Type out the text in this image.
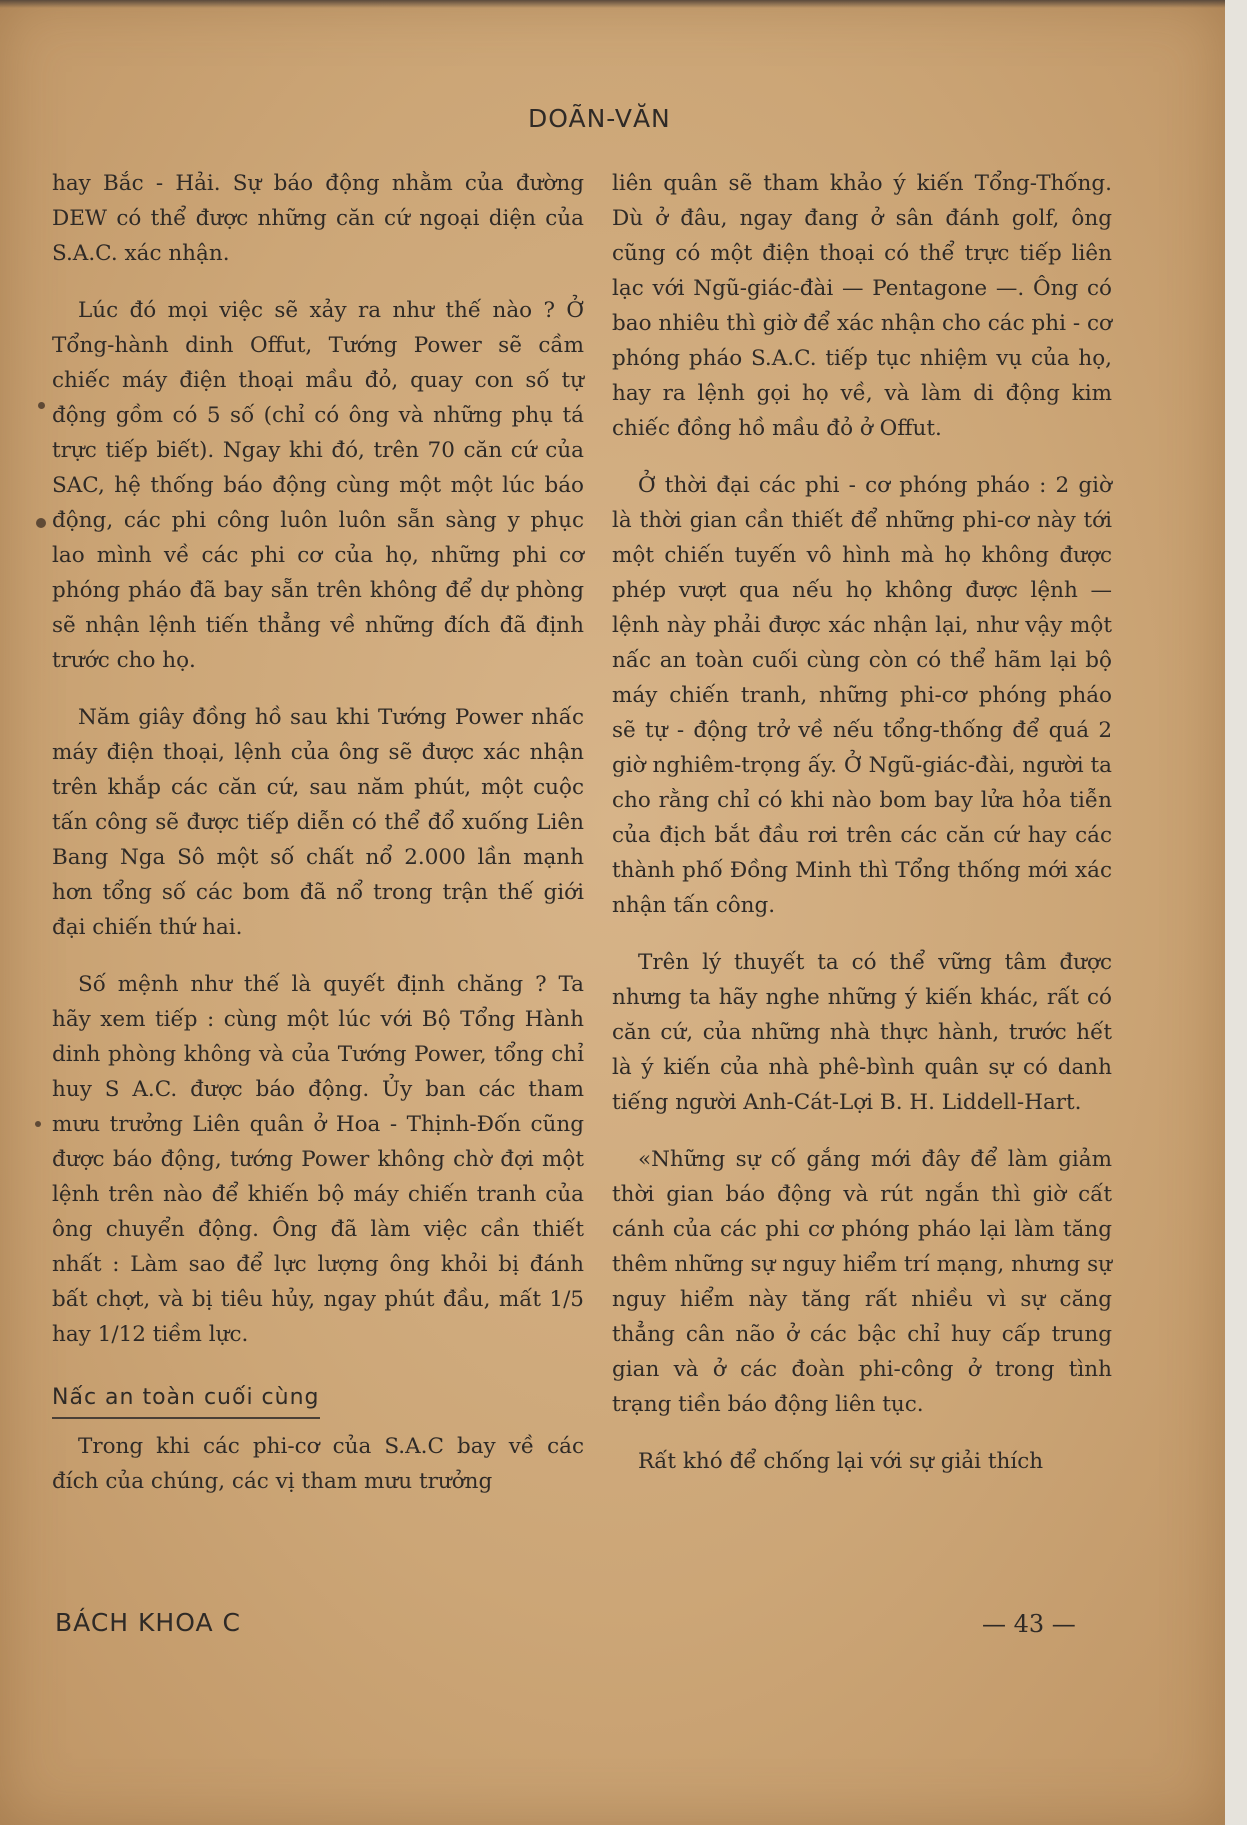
DOÃN-VĂN

hay Bắc - Hải. Sự báo động nhằm của đường DEW có thể được những căn cứ ngoại diện của S.A.C. xác nhận.

Lúc đó mọi việc sẽ xảy ra như thế nào ? Ở Tổng-hành dinh Offut, Tướng Power sẽ cầm chiếc máy điện thoại mầu đỏ, quay con số tự động gồm có 5 số (chỉ có ông và những phụ tá trực tiếp biết). Ngay khi đó, trên 70 căn cứ của SAC, hệ thống báo động cùng một một lúc báo động, các phi công luôn luôn sẵn sàng y phục lao mình về các phi cơ của họ, những phi cơ phóng pháo đã bay sẵn trên không để dự phòng sẽ nhận lệnh tiến thẳng về những đích đã định trước cho họ.

Năm giây đồng hồ sau khi Tướng Power nhấc máy điện thoại, lệnh của ông sẽ được xác nhận trên khắp các căn cứ, sau năm phút, một cuộc tấn công sẽ được tiếp diễn có thể đổ xuống Liên Bang Nga Sô một số chất nổ 2.000 lần mạnh hơn tổng số các bom đã nổ trong trận thế giới đại chiến thứ hai.

Số mệnh như thế là quyết định chăng ? Ta hãy xem tiếp : cùng một lúc với Bộ Tổng Hành dinh phòng không và của Tướng Power, tổng chỉ huy S A.C. được báo động. Ủy ban các tham mưu trưởng Liên quân ở Hoa - Thịnh-Đốn cũng được báo động, tướng Power không chờ đợi một lệnh trên nào để khiến bộ máy chiến tranh của ông chuyển động. Ông đã làm việc cần thiết nhất : Làm sao để lực lượng ông khỏi bị đánh bất chợt, và bị tiêu hủy, ngay phút đầu, mất 1/5 hay 1/12 tiềm lực.

Nấc an toàn cuối cùng

Trong khi các phi-cơ của S.A.C bay về các đích của chúng, các vị tham mưu trưởng

liên quân sẽ tham khảo ý kiến Tổng-Thống. Dù ở đâu, ngay đang ở sân đánh golf, ông cũng có một điện thoại có thể trực tiếp liên lạc với Ngũ-giác-đài — Pentagone —. Ông có bao nhiêu thì giờ để xác nhận cho các phi - cơ phóng pháo S.A.C. tiếp tục nhiệm vụ của họ, hay ra lệnh gọi họ về, và làm di động kim chiếc đồng hồ mầu đỏ ở Offut.

Ở thời đại các phi - cơ phóng pháo : 2 giờ là thời gian cần thiết để những phi-cơ này tới một chiến tuyến vô hình mà họ không được phép vượt qua nếu họ không được lệnh — lệnh này phải được xác nhận lại, như vậy một nấc an toàn cuối cùng còn có thể hãm lại bộ máy chiến tranh, những phi-cơ phóng pháo sẽ tự - động trở về nếu tổng-thống để quá 2 giờ nghiêm-trọng ấy. Ở Ngũ-giác-đài, người ta cho rằng chỉ có khi nào bom bay lửa hỏa tiễn của địch bắt đầu rơi trên các căn cứ hay các thành phố Đồng Minh thì Tổng thống mới xác nhận tấn công.

Trên lý thuyết ta có thể vững tâm được nhưng ta hãy nghe những ý kiến khác, rất có căn cứ, của những nhà thực hành, trước hết là ý kiến của nhà phê-bình quân sự có danh tiếng người Anh-Cát-Lợi B. H. Liddell-Hart.

«Những sự cố gắng mới đây để làm giảm thời gian báo động và rút ngắn thì giờ cất cánh của các phi cơ phóng pháo lại làm tăng thêm những sự nguy hiểm trí mạng, nhưng sự nguy hiểm này tăng rất nhiều vì sự căng thẳng cân não ở các bậc chỉ huy cấp trung gian và ở các đoàn phi-công ở trong tình trạng tiền báo động liên tục.

Rất khó để chống lại với sự giải thích

BÁCH KHOA C	— 43 —
